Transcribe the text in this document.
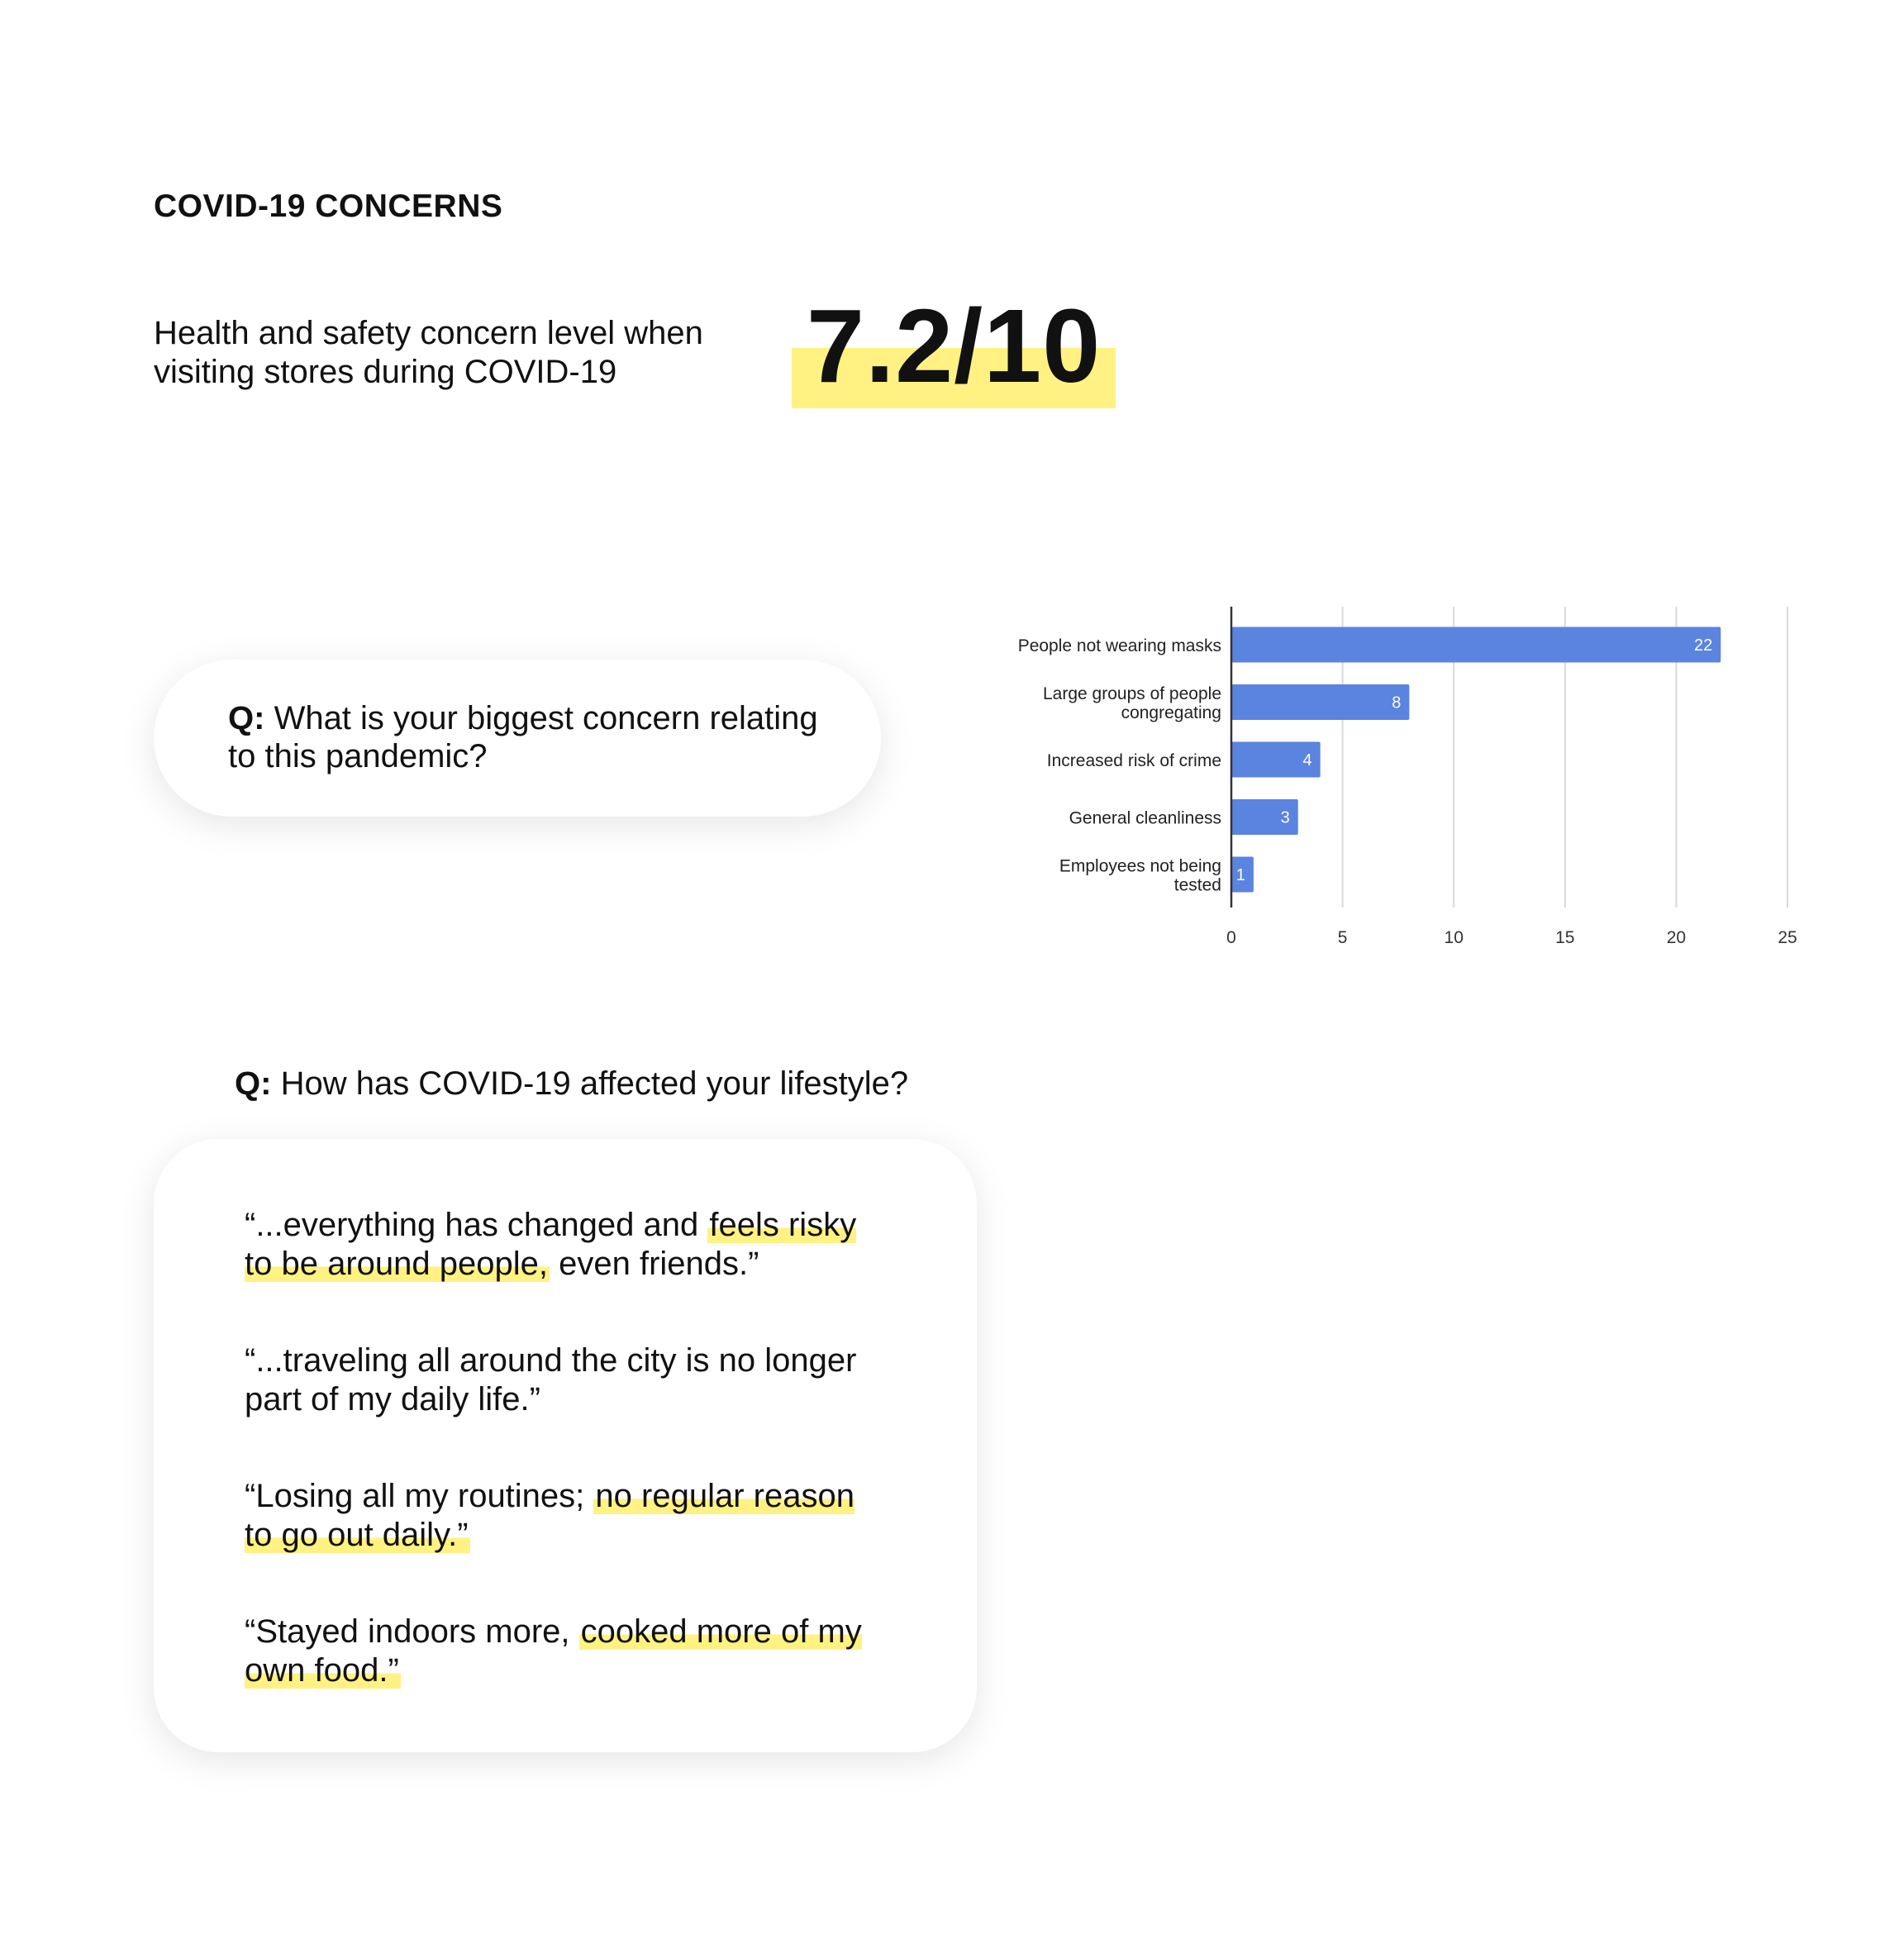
COVID-19 CONCERNS
Health and safety concern level when visiting stores during COVID-19	7.2/10
Q: What is your biggest concern relating to this pandemic?
0	5	10	15	20	25
22
People not wearing masks
8
Large groups of people
congregating
4
Increased risk of crime
3
General cleanliness
1
Employees not being
tested
Q: How has COVID-19 affected your lifestyle?
“...everything has changed and feels risky to be around people, even friends.”
“...traveling all around the city is no longer part of my daily life.”
“Losing all my routines; no regular reason to go out daily.”
“Stayed indoors more, cooked more of my own food.”
